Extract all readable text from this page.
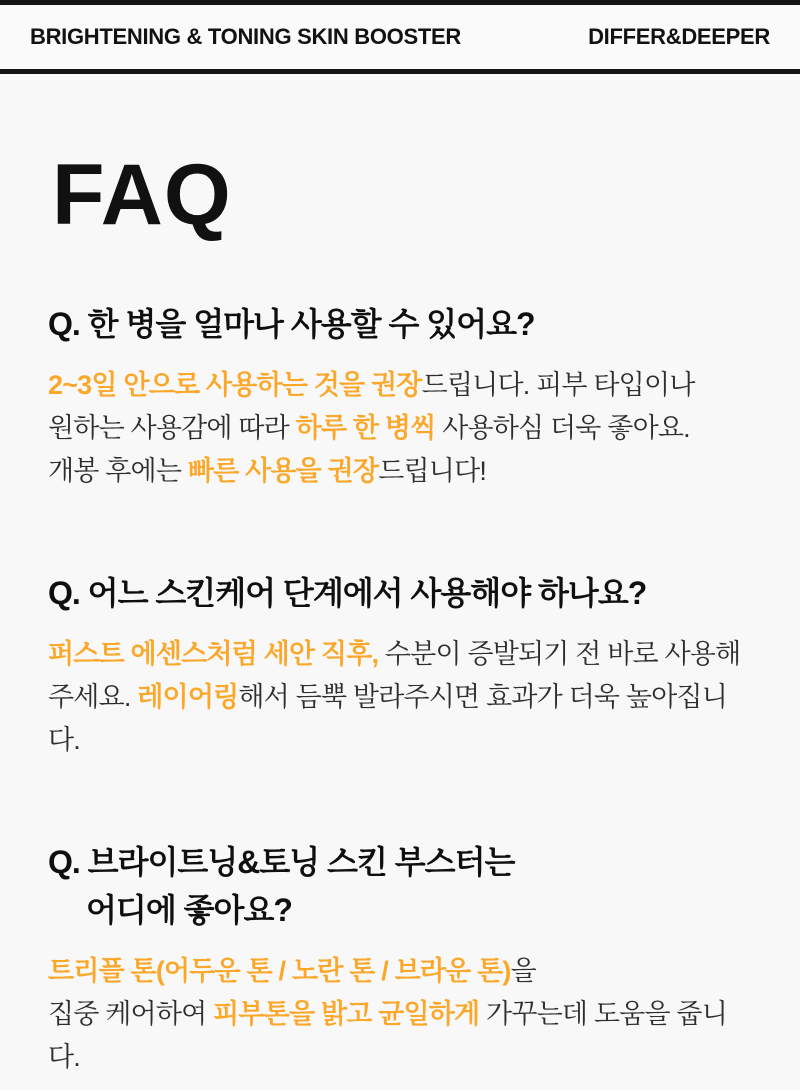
BRIGHTENING & TONING SKIN BOOSTER	DIFFER&DEEPER
FAQ
Q. 한 병을 얼마나 사용할 수 있어요?
2~3일 안으로 사용하는 것을 권장드립니다. 피부 타입이나
원하는 사용감에 따라 하루 한 병씩 사용하심 더욱 좋아요.
개봉 후에는 빠른 사용을 권장드립니다!
Q. 어느 스킨케어 단계에서 사용해야 하나요?
퍼스트 에센스처럼 세안 직후, 수분이 증발되기 전 바로 사용해
주세요. 레이어링해서 듬뿍 발라주시면 효과가 더욱 높아집니다.
Q. 브라이트닝&토닝 스킨 부스터는
어디에 좋아요?
트리플 톤(어두운 톤 / 노란 톤 / 브라운 톤)을
집중 케어하여 피부톤을 밝고 균일하게 가꾸는데 도움을 줍니다.
